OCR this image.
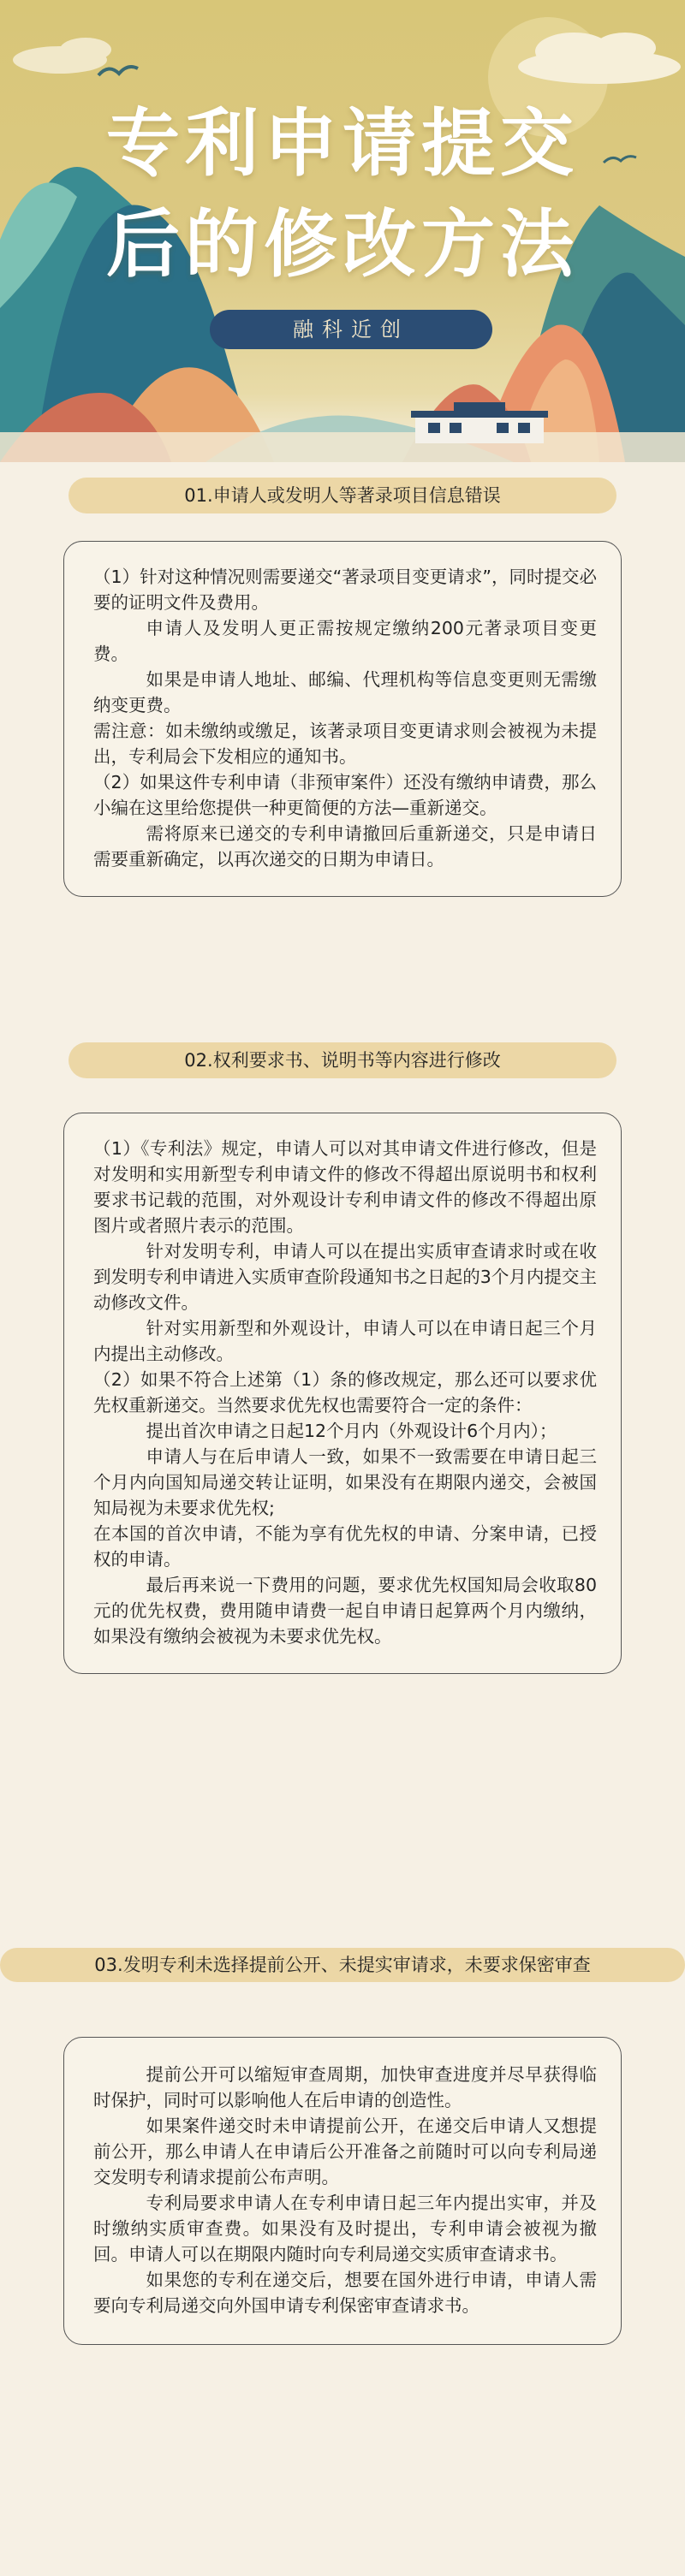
专利申请提交
后的修改方法
融科近创
01.申请人或发明人等著录项目信息错误

（1）针对这种情况则需要递交“著录项目变更请求”，同时提交必要的证明文件及费用。

申请人及发明人更正需按规定缴纳200元著录项目变更费。

如果是申请人地址、邮编、代理机构等信息变更则无需缴纳变更费。

需注意：如未缴纳或缴足，该著录项目变更请求则会被视为未提出，专利局会下发相应的通知书。

（2）如果这件专利申请（非预审案件）还没有缴纳申请费，那么小编在这里给您提供一种更简便的方法—重新递交。

需将原来已递交的专利申请撤回后重新递交，只是申请日需要重新确定，以再次递交的日期为申请日。

02.权利要求书、说明书等内容进行修改

（1）《专利法》规定，申请人可以对其申请文件进行修改，但是对发明和实用新型专利申请文件的修改不得超出原说明书和权利要求书记载的范围，对外观设计专利申请文件的修改不得超出原图片或者照片表示的范围。

针对发明专利，申请人可以在提出实质审查请求时或在收到发明专利申请进入实质审查阶段通知书之日起的3个月内提交主动修改文件。

针对实用新型和外观设计，申请人可以在申请日起三个月内提出主动修改。

（2）如果不符合上述第（1）条的修改规定，那么还可以要求优先权重新递交。当然要求优先权也需要符合一定的条件：

提出首次申请之日起12个月内（外观设计6个月内）；

申请人与在后申请人一致，如果不一致需要在申请日起三个月内向国知局递交转让证明，如果没有在期限内递交，会被国知局视为未要求优先权;

在本国的首次申请，不能为享有优先权的申请、分案申请，已授权的申请。

最后再来说一下费用的问题，要求优先权国知局会收取80元的优先权费，费用随申请费一起自申请日起算两个月内缴纳，如果没有缴纳会被视为未要求优先权。

03.发明专利未选择提前公开、未提实审请求，未要求保密审查

提前公开可以缩短审查周期，加快审查进度并尽早获得临时保护，同时可以影响他人在后申请的创造性。

如果案件递交时未申请提前公开，在递交后申请人又想提前公开，那么申请人在申请后公开准备之前随时可以向专利局递交发明专利请求提前公布声明。

专利局要求申请人在专利申请日起三年内提出实审，并及时缴纳实质审查费。如果没有及时提出，专利申请会被视为撤回。申请人可以在期限内随时向专利局递交实质审查请求书。

如果您的专利在递交后，想要在国外进行申请，申请人需要向专利局递交向外国申请专利保密审查请求书。
